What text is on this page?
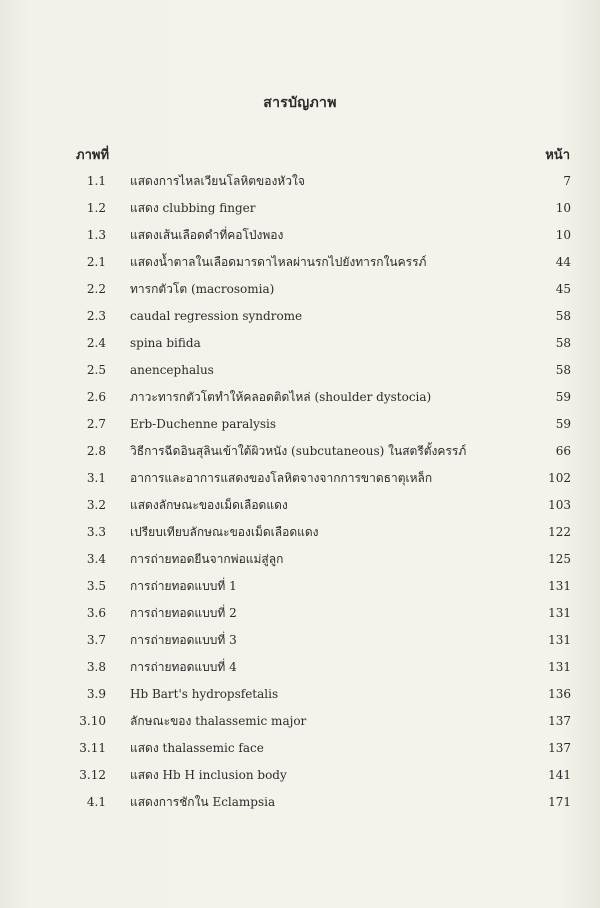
สารบัญภาพ
ภาพที่	หน้า
1.1 แสดงการไหลเวียนโลหิตของหัวใจ	7
1.2 แสดง clubbing finger	10
1.3 แสดงเส้นเลือดดำที่คอโป่งพอง	10
2.1 แสดงน้ำตาลในเลือดมารดาไหลผ่านรกไปยังทารกในครรภ์	44
2.2 ทารกตัวโต (macrosomia)	45
2.3 caudal regression syndrome	58
2.4 spina bifida	58
2.5 anencephalus	58
2.6 ภาวะทารกตัวโตทำให้คลอดติดไหล่ (shoulder dystocia)	59
2.7 Erb-Duchenne paralysis	59
2.8 วิธีการฉีดอินสุลินเข้าใต้ผิวหนัง (subcutaneous) ในสตรีตั้งครรภ์	66
3.1 อาการและอาการแสดงของโลหิตจางจากการขาดธาตุเหล็ก	102
3.2 แสดงลักษณะของเม็ดเลือดแดง	103
3.3 เปรียบเทียบลักษณะของเม็ดเลือดแดง	122
3.4 การถ่ายทอดยีนจากพ่อแม่สู่ลูก	125
3.5 การถ่ายทอดแบบที่ 1	131
3.6 การถ่ายทอดแบบที่ 2	131
3.7 การถ่ายทอดแบบที่ 3	131
3.8 การถ่ายทอดแบบที่ 4	131
3.9 Hb Bart's hydropsfetalis	136
3.10 ลักษณะของ thalassemic major	137
3.11 แสดง thalassemic face	137
3.12 แสดง Hb H inclusion body	141
4.1 แสดงการชักใน Eclampsia	171
